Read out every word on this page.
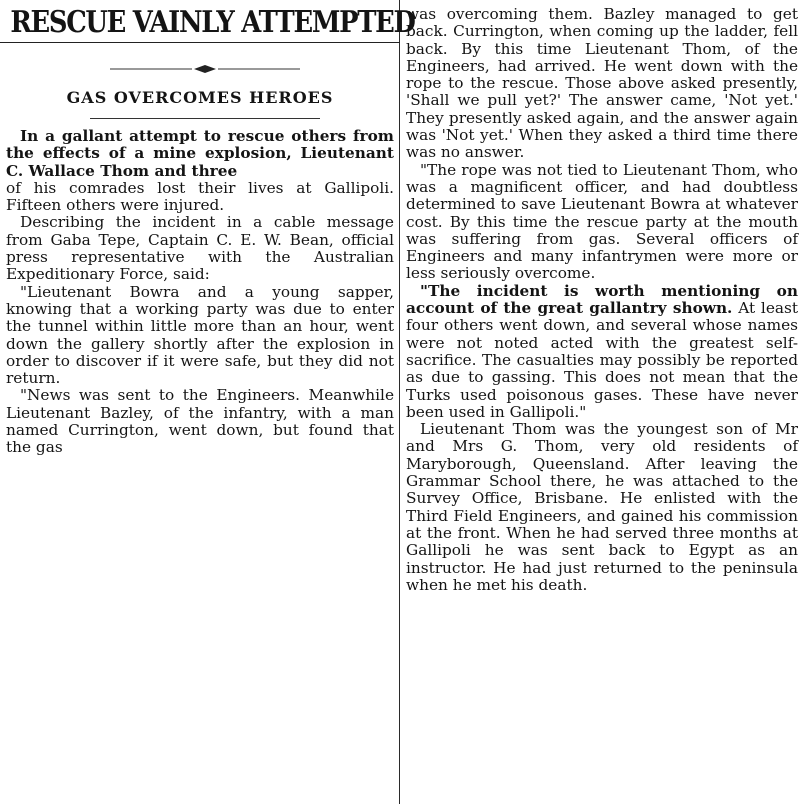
RESCUE VAINLY ATTEMPTED
GAS OVERCOMES HEROES

In a gallant attempt to rescue others from the effects of a mine explosion, Lieutenant C. Wallace Thom and three

of his comrades lost their lives at Gallipoli. Fifteen others were injured.

Describing the incident in a cable message from Gaba Tepe, Captain C. E. W. Bean, official press representative with the Australian Expeditionary Force, said:

"Lieutenant Bowra and a young sapper, knowing that a working party was due to enter the tunnel within little more than an hour, went down the gallery shortly after the explosion in order to discover if it were safe, but they did not return.

"News was sent to the Engineers. Meanwhile Lieutenant Bazley, of the infantry, with a man named Currington, went down, but found that the gas

was overcoming them. Bazley managed to get back. Currington, when coming up the ladder, fell back. By this time Lieutenant Thom, of the Engineers, had arrived. He went down with the rope to the rescue. Those above asked presently, 'Shall we pull yet?' The answer came, 'Not yet.' They presently asked again, and the answer again was 'Not yet.' When they asked a third time there was no answer.

"The rope was not tied to Lieutenant Thom, who was a magnificent officer, and had doubtless determined to save Lieutenant Bowra at whatever cost. By this time the rescue party at the mouth was suffering from gas. Several officers of Engineers and many infantrymen were more or less seriously overcome.

"The incident is worth mentioning on account of the great gallantry shown. At least four others went down, and several whose names were not noted acted with the greatest self-sacrifice. The casualties may possibly be reported as due to gassing. This does not mean that the Turks used poisonous gases. These have never been used in Gallipoli."

Lieutenant Thom was the youngest son of Mr and Mrs G. Thom, very old residents of Maryborough, Queensland. After leaving the Grammar School there, he was attached to the Survey Office, Brisbane. He enlisted with the Third Field Engineers, and gained his commission at the front. When he had served three months at Gallipoli he was sent back to Egypt as an instructor. He had just returned to the peninsula when he met his death.
